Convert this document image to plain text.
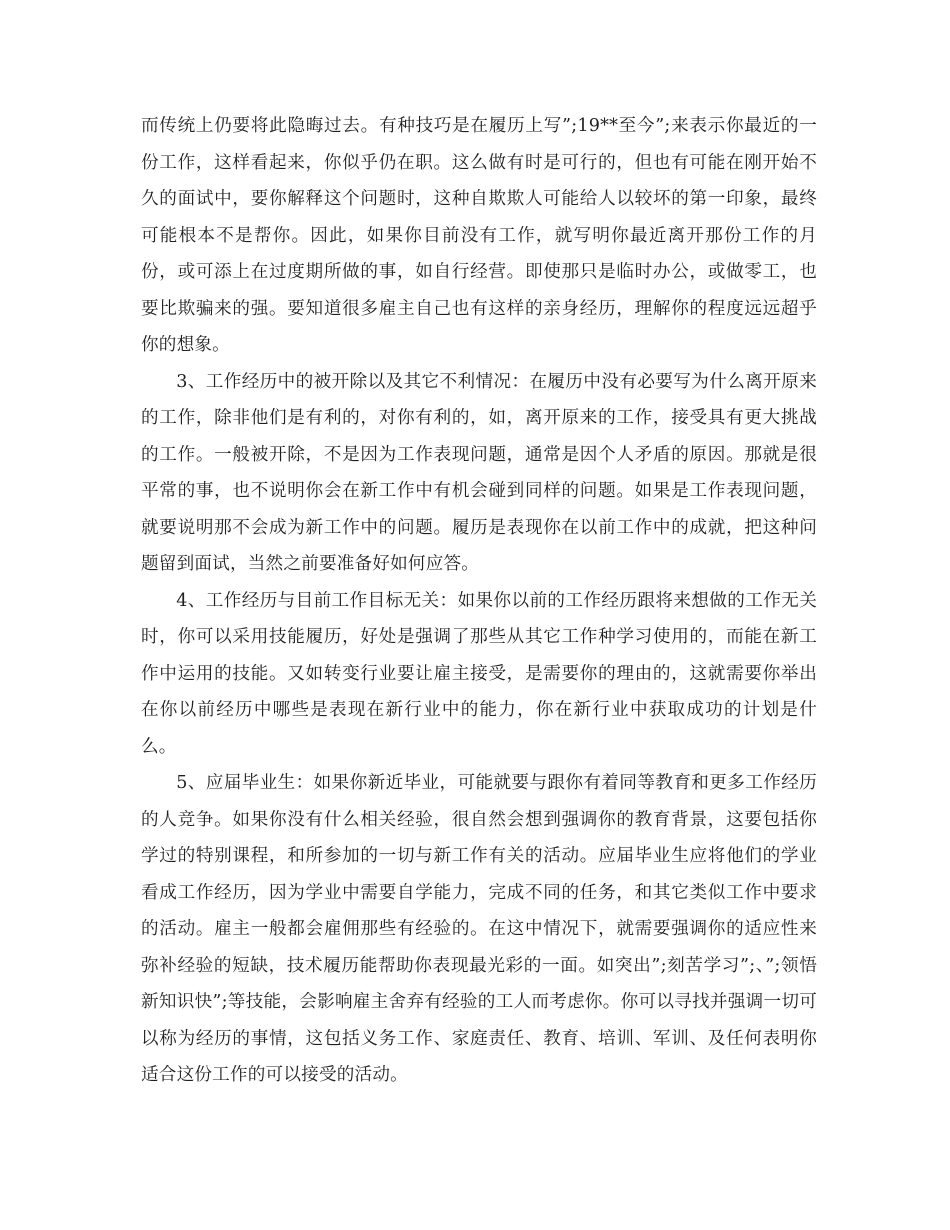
而传统上仍要将此隐晦过去。有种技巧是在履历上写”;19**至今”;来表示你最近的一份工作，这样看起来，你似乎仍在职。这么做有时是可行的，但也有可能在刚开始不久的面试中，要你解释这个问题时，这种自欺欺人可能给人以较坏的第一印象，最终可能根本不是帮你。因此，如果你目前没有工作，就写明你最近离开那份工作的月份，或可添上在过度期所做的事，如自行经营。即使那只是临时办公，或做零工，也要比欺骗来的强。要知道很多雇主自己也有这样的亲身经历，理解你的程度远远超乎你的想象。

3、工作经历中的被开除以及其它不利情况：在履历中没有必要写为什么离开原来的工作，除非他们是有利的，对你有利的，如，离开原来的工作，接受具有更大挑战的工作。一般被开除，不是因为工作表现问题，通常是因个人矛盾的原因。那就是很平常的事，也不说明你会在新工作中有机会碰到同样的问题。如果是工作表现问题，就要说明那不会成为新工作中的问题。履历是表现你在以前工作中的成就，把这种问题留到面试，当然之前要准备好如何应答。

4、工作经历与目前工作目标无关：如果你以前的工作经历跟将来想做的工作无关时，你可以采用技能履历，好处是强调了那些从其它工作种学习使用的，而能在新工作中运用的技能。又如转变行业要让雇主接受，是需要你的理由的，这就需要你举出在你以前经历中哪些是表现在新行业中的能力，你在新行业中获取成功的计划是什么。

5、应届毕业生：如果你新近毕业，可能就要与跟你有着同等教育和更多工作经历的人竞争。如果你没有什么相关经验，很自然会想到强调你的教育背景，这要包括你学过的特别课程，和所参加的一切与新工作有关的活动。应届毕业生应将他们的学业看成工作经历，因为学业中需要自学能力，完成不同的任务，和其它类似工作中要求的活动。雇主一般都会雇佣那些有经验的。在这中情况下，就需要强调你的适应性来弥补经验的短缺，技术履历能帮助你表现最光彩的一面。如突出”;刻苦学习”;、”;领悟新知识快”;等技能，会影响雇主舍弃有经验的工人而考虑你。你可以寻找并强调一切可以称为经历的事情，这包括义务工作、家庭责任、教育、培训、军训、及任何表明你适合这份工作的可以接受的活动。
